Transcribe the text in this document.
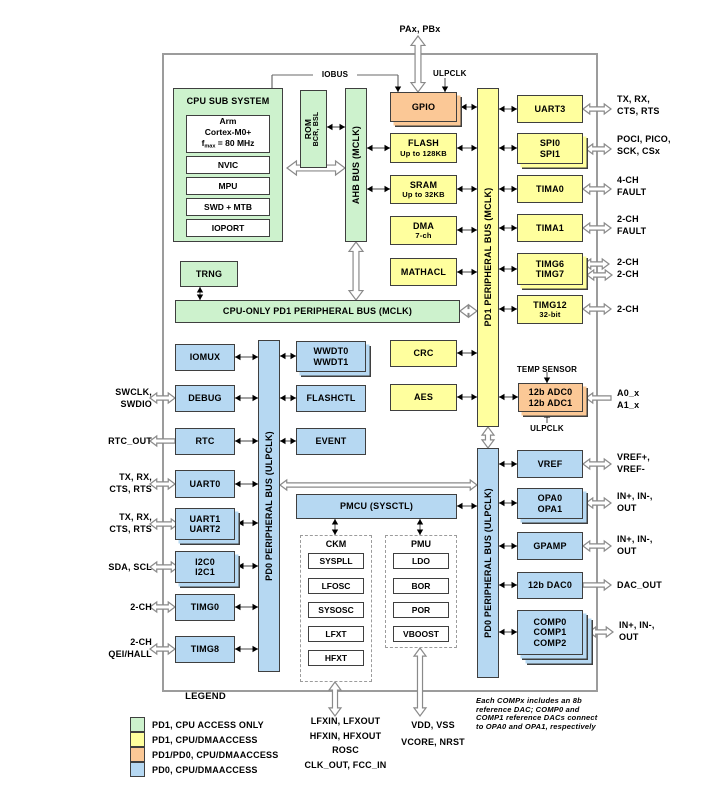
PAx, PBx
ULPCLK
IOBUS
CPU SUB SYSTEM
Arm
Cortex-M0+
$f_{max} = 80$ MHz
NVIC
MPU
SWD + MTB
IOPORT
ROM BCR, BSL	AHB BUS (MCLK)
GPIO
FLASH
Up to 128KB
SRAM
Up to 32KB
DMA
7-ch
MATHACL
TRNG
CPU-ONLY PD1 PERIPHERAL BUS (MCLK)
CRC
AES
PD1 PERIPHERAL BUS (MCLK)
UART3
SPI0
SPI1
TIMA0
TIMA1
TIMG6
TIMG7
TIMG12
32-bit
TEMP SENSOR
12b ADC0
12b ADC1
ULPCLK
PD0 PERIPHERAL BUS (ULPCLK)
VREF
OPA0
OPA1
GPAMP
12b DAC0
COMP0
COMP1
COMP2
IOMUX
DEBUG
RTC
UART0
UART1
UART2
I2C0
I2C1
TIMG0
TIMG8
PD0 PERIPHERAL BUS (ULPCLK)
WWDT0
WWDT1
FLASHCTL
EVENT
PMCU (SYSCTL)
CKM
SYSPLL
LFOSC
SYSOSC
LFXT
HFXT
PMU
LDO
BOR
POR
VBOOST
SWCLK,
SWDIO
RTC_OUT
TX, RX,
CTS, RTS
TX, RX,
CTS, RTS
SDA, SCL
2-CH
2-CH
QEI/HALL
TX, RX,
CTS, RTS
POCI, PICO,
SCK, CSx
4-CH
FAULT
2-CH
FAULT
2-CH
2-CH
2-CH
A0_x
A1_x
VREF+,
VREF-
IN+, IN-,
OUT
IN+, IN-,
OUT
DAC_OUT
IN+, IN-,
OUT
LFXIN, LFXOUT
HFXIN, HFXOUT
ROSC
CLK_OUT, FCC_IN
VDD, VSS
VCORE, NRST
Each COMPx includes an 8b
reference DAC; COMP0 and
COMP1 reference DACs connect
to OPA0 and OPA1, respectively
LEGEND
PD1, CPU ACCESS ONLY
PD1, CPU/DMAACCESS
PD1/PD0, CPU/DMAACCESS
PD0, CPU/DMAACCESS
